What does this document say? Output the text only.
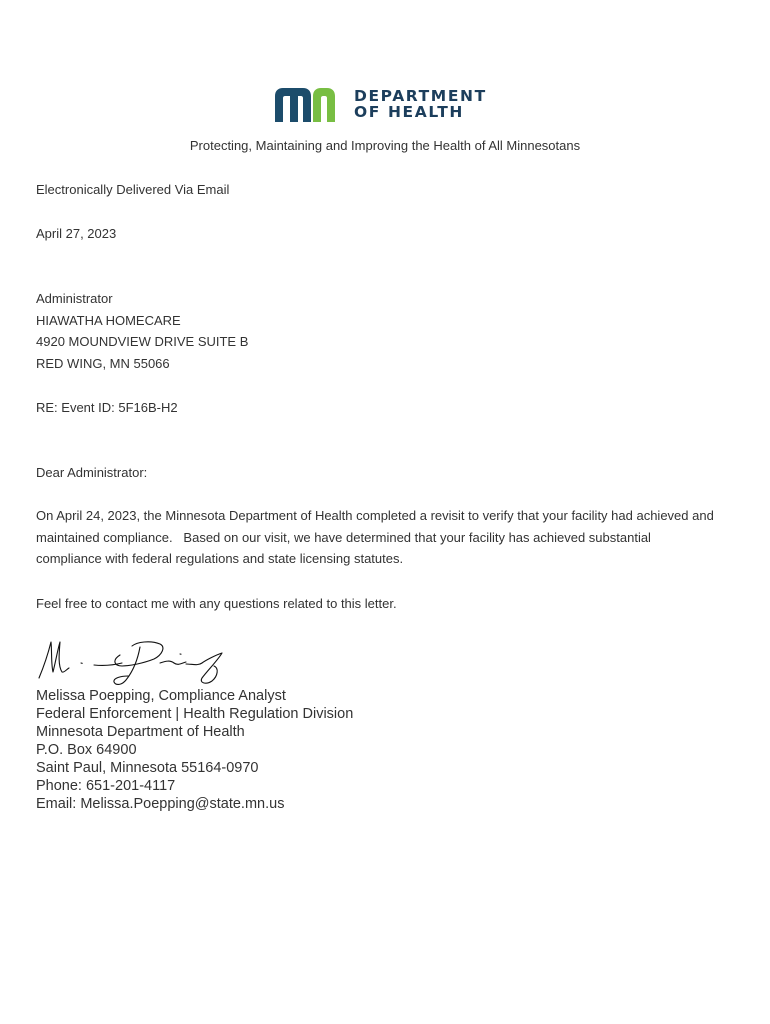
DEPARTMENT
OF HEALTH
Protecting, Maintaining and Improving the Health of All Minnesotans
Electronically Delivered Via Email
April 27, 2023
Administrator
HIAWATHA HOMECARE
4920 MOUNDVIEW DRIVE SUITE B
RED WING, MN 55066
RE: Event ID: 5F16B-H2
Dear Administrator:
On April 24, 2023, the Minnesota Department of Health completed a revisit to verify that your facility had achieved and maintained compliance.   Based on our visit, we have determined that your facility has achieved substantial compliance with federal regulations and state licensing statutes.
Feel free to contact me with any questions related to this letter.
Melissa Poepping, Compliance Analyst
Federal Enforcement | Health Regulation Division
Minnesota Department of Health
P.O. Box 64900
Saint Paul, Minnesota 55164-0970
Phone: 651-201-4117
Email: Melissa.Poepping@state.mn.us
